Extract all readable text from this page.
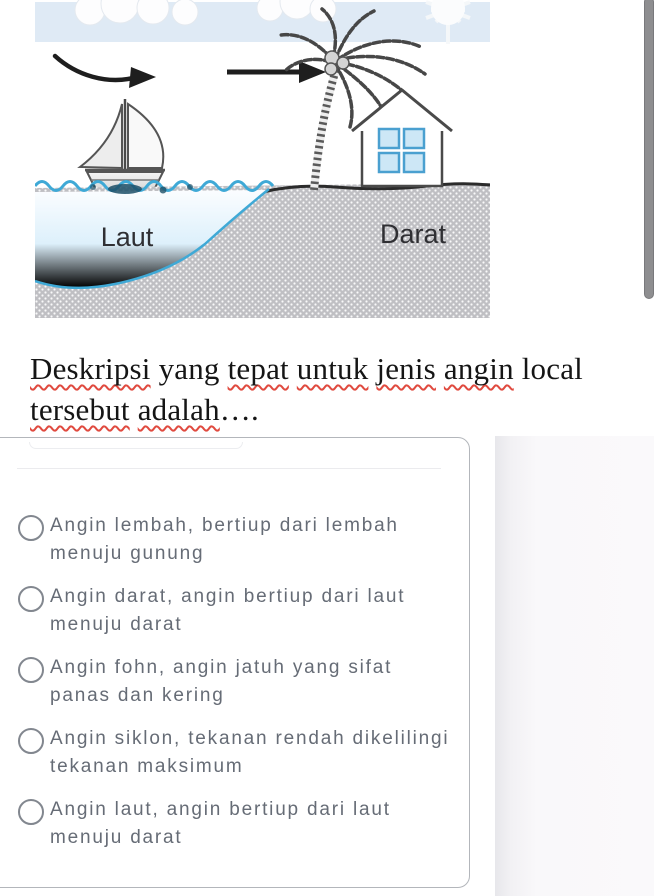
Laut	Darat
Deskripsi yang tepat untuk jenis angin local
tersebut adalah….
Angin lembah, bertiup dari lembah menuju gunung
Angin darat, angin bertiup dari laut menuju darat
Angin fohn, angin jatuh yang sifat panas dan kering
Angin siklon, tekanan rendah dikelilingi tekanan maksimum
Angin laut, angin bertiup dari laut menuju darat
